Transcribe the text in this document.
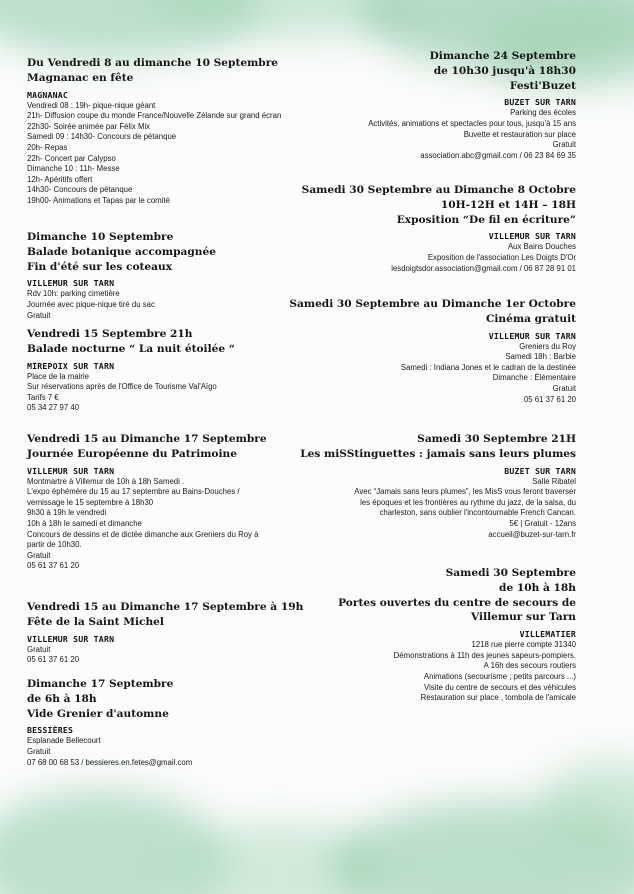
Du Vendredi 8 au dimanche 10 Septembre

Magnanac en fête

MAGNANAC

Vendredi 08 : 19h- pique-nique géant

21h- Diffusion coupe du monde France/Nouvelle Zélande sur grand écran

22h30- Soirée animée par Félix Mix

Samedi 09 : 14h30- Concours de pétanque

20h- Repas

22h- Concert par Calypso

Dimanche 10 : 11h- Messe

12h- Apéritifs offert

14h30- Concours de pétanque

19h00- Animations et Tapas par le comité

Dimanche 10 Septembre

Balade botanique accompagnée

Fin d'été sur les coteaux

VILLEMUR SUR TARN

Rdv 10h: parking cimetière

Journée avec pique-nique tiré du sac

Gratuit

Vendredi 15 Septembre 21h

Balade nocturne “ La nuit étoilée “

MIREPOIX SUR TARN

Place de la mairie

Sur réservations après de l'Office de Tourisme Val'Aïgo

Tarifs 7 €

05 34 27 97 40

Vendredi 15 au Dimanche 17 Septembre

Journée Européenne du Patrimoine

VILLEMUR SUR TARN

Montmartre à Villemur de 10h à 18h Samedi .

L'expo éphémère du 15 au 17 septembre au Bains-Douches /

vernissage le 15 septembre à 18h30

9h30 à 19h le vendredi

10h à 18h le samedi et dimanche

Concours de dessins et de dictée dimanche aux Greniers du Roy à

partir de 10h30.

Gratuit

05 61 37 61 20

Vendredi 15 au Dimanche 17 Septembre à 19h

Fête de la Saint Michel

VILLEMUR SUR TARN

Gratuit

05 61 37 61 20

Dimanche 17 Septembre

de 6h à 18h

Vide Grenier d'automne

BESSIÈRES

Esplanade Bellecourt

Gratuit

07 68 00 68 53 / bessieres.en.fetes@gmail.com

Dimanche 24 Septembre

de 10h30 jusqu'à 18h30

Festi'Buzet

BUZET SUR TARN

Parking des écoles

Activités, animations et spectacles pour tous, jusqu'à 15 ans

Buvette et restauration sur place

Gratuit

association.abc@gmail.com / 06 23 84 69 35

Samedi 30 Septembre au Dimanche 8 Octobre

10H-12H et 14H – 18H

Exposition “De fil en écriture”

VILLEMUR SUR TARN

Aux Bains Douches

Exposition de l'association Les Doigts D'Or

lesdoigtsdor.association@gmail.com / 06 87 28 91 01

Samedi 30 Septembre au Dimanche 1er Octobre

Cinéma gratuit

VILLEMUR SUR TARN

Greniers du Roy

Samedi 18h : Barbie

Samedi : Indiana Jones et le cadran de la destinée

Dimanche : Élémentaire

Gratuit

05 61 37 61 20

Samedi 30 Septembre 21H

Les miSStinguettes : jamais sans leurs plumes

BUZET SUR TARN

Salle Ribatel

Avec “Jamais sans leurs plumes”, les MisS vous feront traverser

les époques et les frontières au rythme du jazz, de la salsa, du

charleston, sans oublier l'incontournable French Cancan.

5€ | Gratuit - 12ans

accueil@buzet-sur-tarn.fr

Samedi 30 Septembre

de 10h à 18h

Portes ouvertes du centre de secours de

Villemur sur Tarn

VILLEMATIER

1218 rue pierre compte 31340

Démonstrations à 11h des jeunes sapeurs-pompiers.

A 16h des secours routiers

Animations (secourisme ; petits parcours ...)

Visite du centre de secours et des véhicules

Restauration sur place , tombola de l'amicale
